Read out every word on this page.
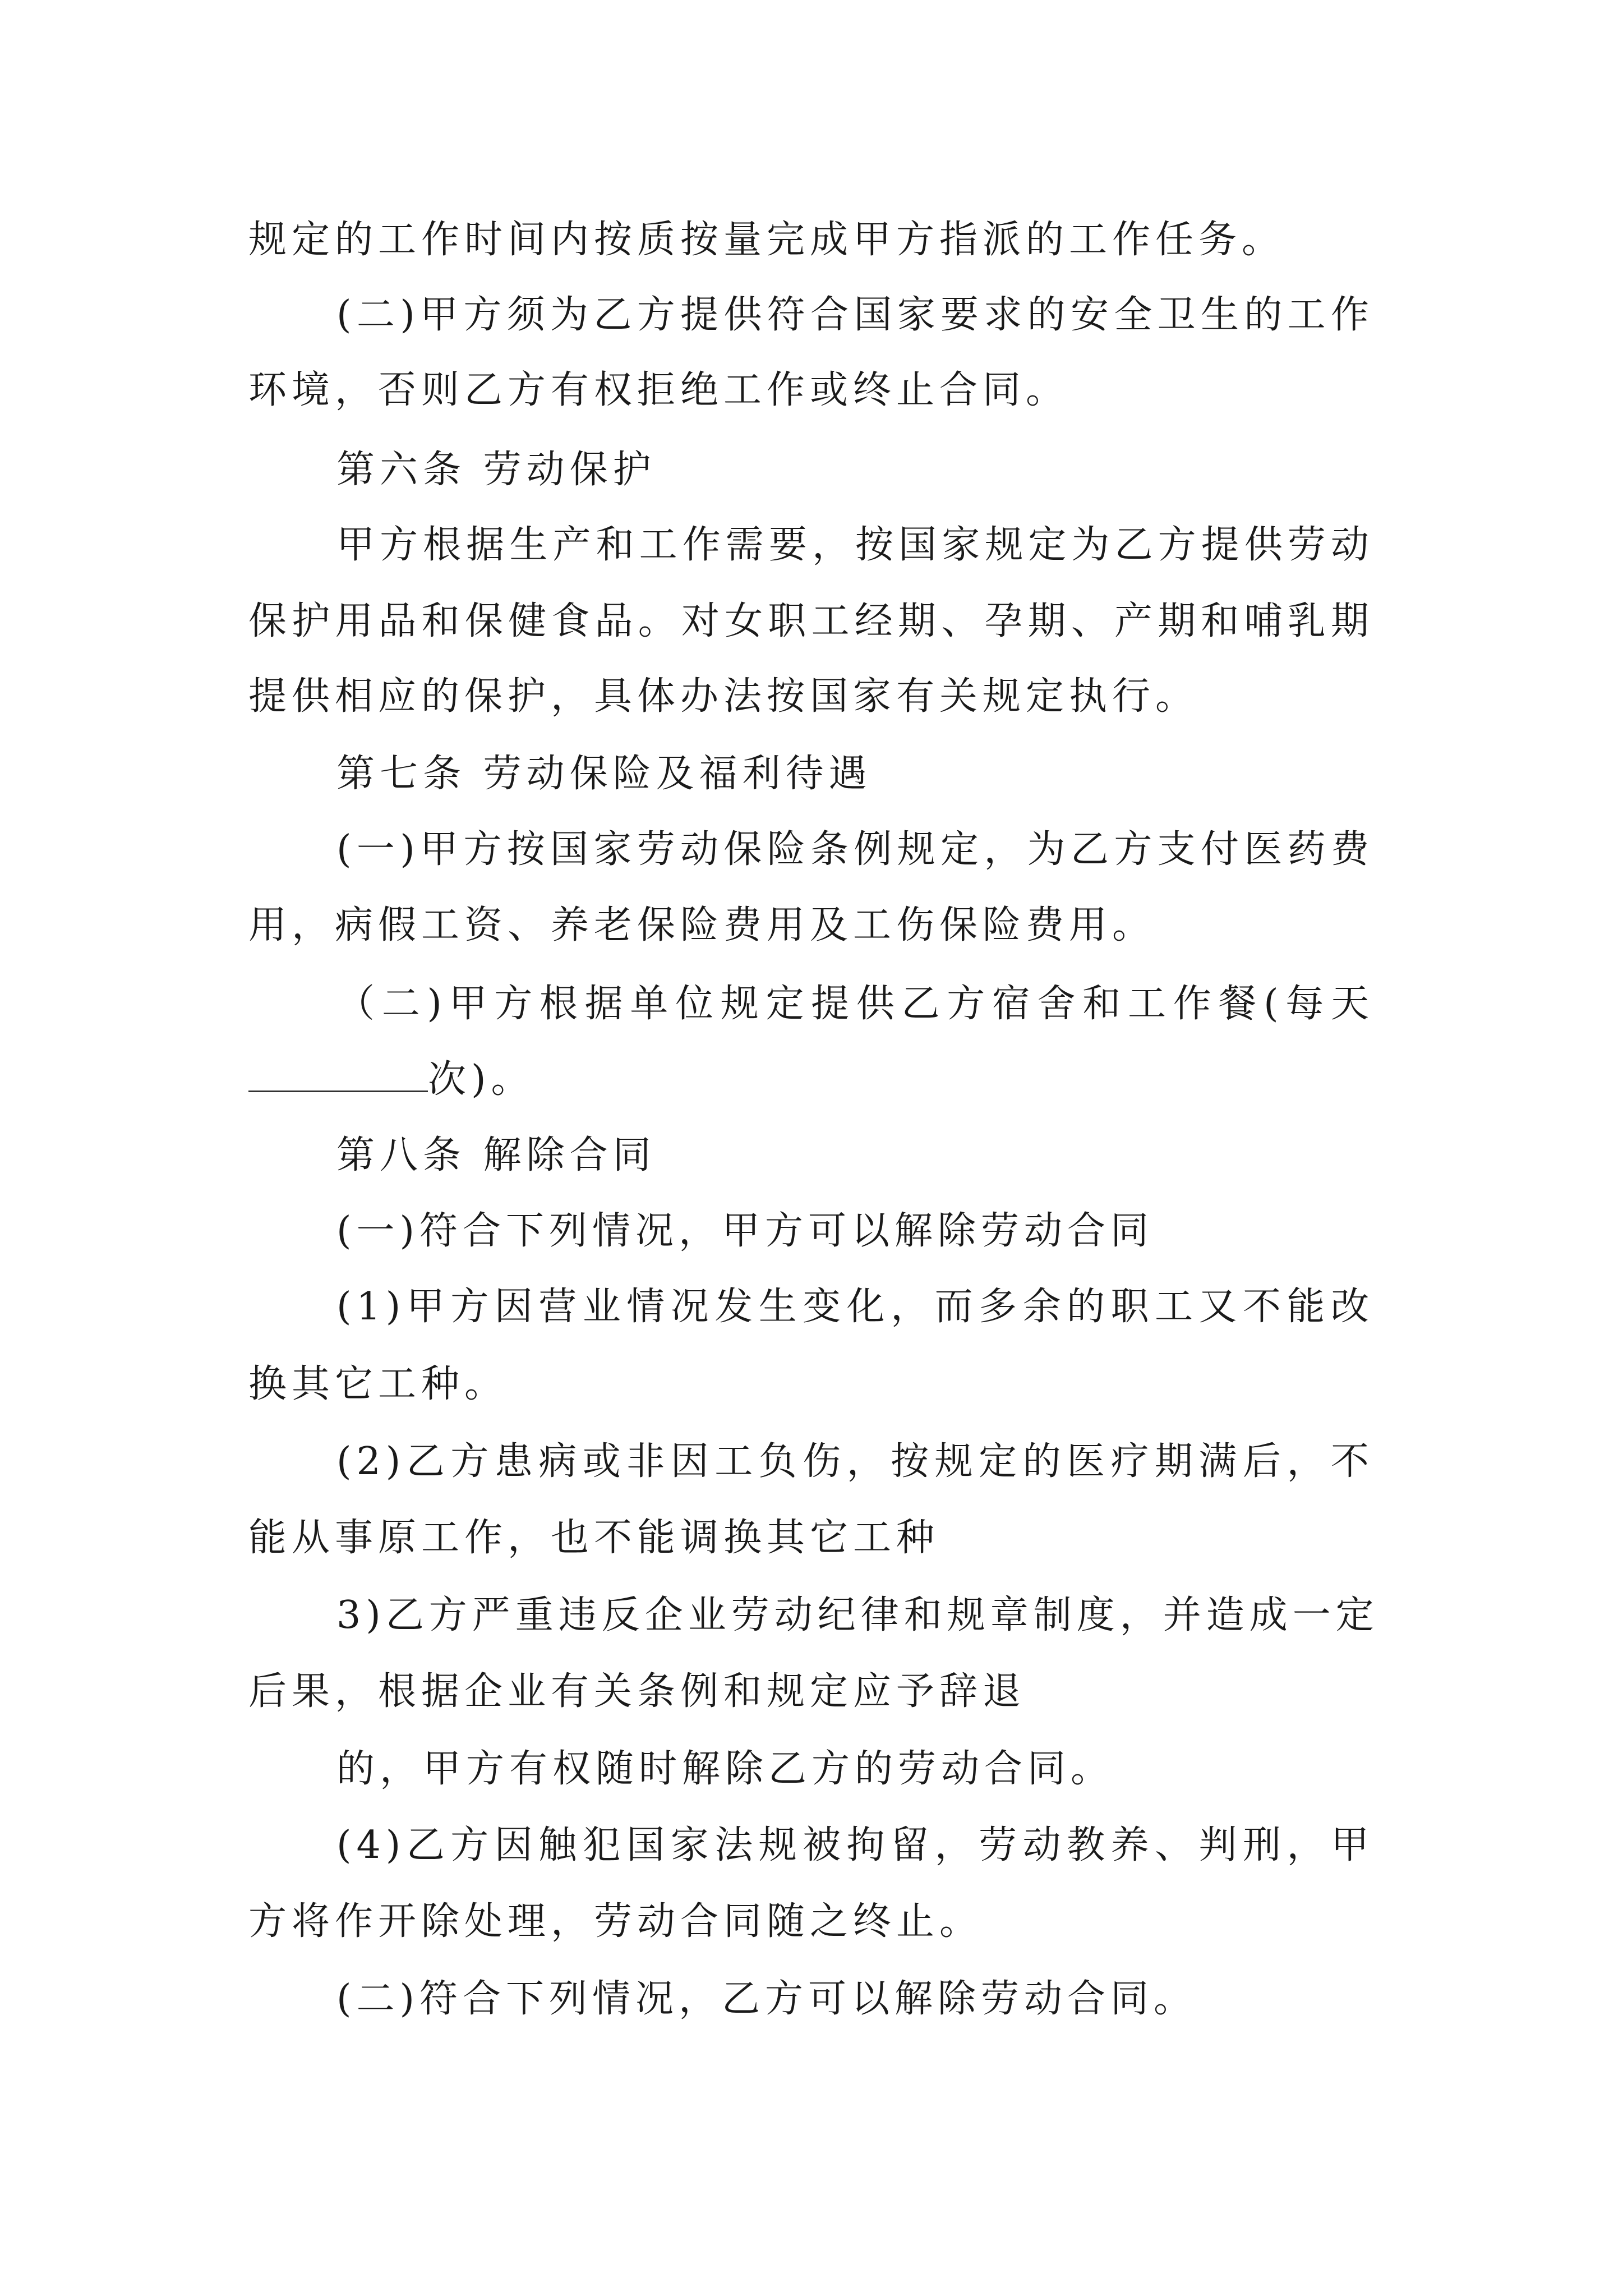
规定的工作时间内按质按量完成甲方指派的工作任务。
(二)甲方须为乙方提供符合国家要求的安全卫生的工作
环境，否则乙方有权拒绝工作或终止合同。
第六条 劳动保护
甲方根据生产和工作需要，按国家规定为乙方提供劳动
保护用品和保健食品。对女职工经期、孕期、产期和哺乳期
提供相应的保护，具体办法按国家有关规定执行。
第七条 劳动保险及福利待遇
(一)甲方按国家劳动保险条例规定，为乙方支付医药费
用，病假工资、养老保险费用及工伤保险费用。
（二)甲方根据单位规定提供乙方宿舍和工作餐(每天
次)。
第八条 解除合同
(一)符合下列情况，甲方可以解除劳动合同
(1)甲方因营业情况发生变化，而多余的职工又不能改
换其它工种。
(2)乙方患病或非因工负伤，按规定的医疗期满后，不
能从事原工作，也不能调换其它工种
3)乙方严重违反企业劳动纪律和规章制度，并造成一定
后果，根据企业有关条例和规定应予辞退
的，甲方有权随时解除乙方的劳动合同。
(4)乙方因触犯国家法规被拘留，劳动教养、判刑，甲
方将作开除处理，劳动合同随之终止。
(二)符合下列情况，乙方可以解除劳动合同。
